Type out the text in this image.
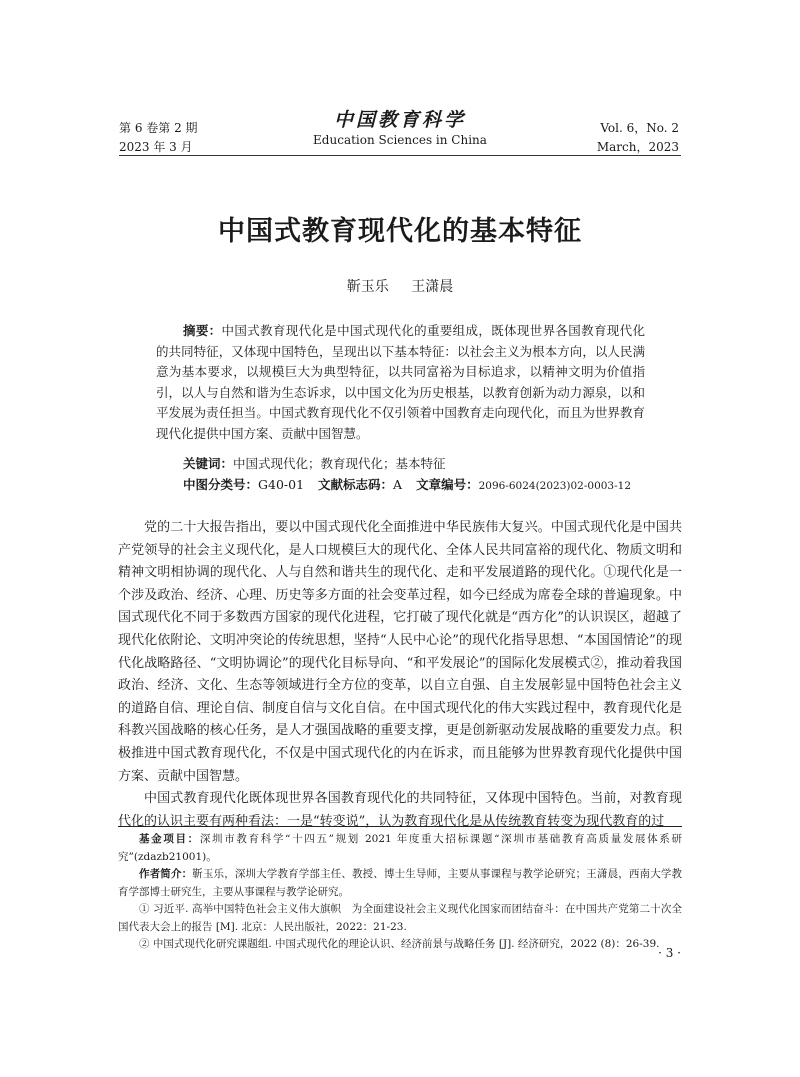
第 6 卷第 2 期
2023 年 3 月
中国教育科学
Education Sciences in China
Vol. 6，No. 2
March，2023
中国式教育现代化的基本特征
靳玉乐 王潇晨
摘要：中国式教育现代化是中国式现代化的重要组成，既体现世界各国教育现代化的共同特征，又体现中国特色，呈现出以下基本特征：以社会主义为根本方向，以人民满意为基本要求，以规模巨大为典型特征，以共同富裕为目标追求，以精神文明为价值指引，以人与自然和谐为生态诉求，以中国文化为历史根基，以教育创新为动力源泉，以和平发展为责任担当。中国式教育现代化不仅引领着中国教育走向现代化，而且为世界教育现代化提供中国方案、贡献中国智慧。
关键词：中国式现代化；教育现代化；基本特征
中图分类号：G40-01 文献标志码：A 文章编号：2096-6024(2023)02-0003-12

党的二十大报告指出，要以中国式现代化全面推进中华民族伟大复兴。中国式现代化是中国共产党领导的社会主义现代化，是人口规模巨大的现代化、全体人民共同富裕的现代化、物质文明和精神文明相协调的现代化、人与自然和谐共生的现代化、走和平发展道路的现代化。①现代化是一个涉及政治、经济、心理、历史等多方面的社会变革过程，如今已经成为席卷全球的普遍现象。中国式现代化不同于多数西方国家的现代化进程，它打破了现代化就是“西方化”的认识误区，超越了现代化依附论、文明冲突论的传统思想，坚持“人民中心论”的现代化指导思想、“本国国情论”的现代化战略路径、“文明协调论”的现代化目标导向、“和平发展论”的国际化发展模式②，推动着我国政治、经济、文化、生态等领域进行全方位的变革，以自立自强、自主发展彰显中国特色社会主义的道路自信、理论自信、制度自信与文化自信。在中国式现代化的伟大实践过程中，教育现代化是科教兴国战略的核心任务，是人才强国战略的重要支撑，更是创新驱动发展战略的重要发力点。积极推进中国式教育现代化，不仅是中国式现代化的内在诉求，而且能够为世界教育现代化提供中国方案、贡献中国智慧。

中国式教育现代化既体现世界各国教育现代化的共同特征，又体现中国特色。当前，对教育现代化的认识主要有两种看法：一是“转变说”，认为教育现代化是从传统教育转变为现代教育的过

基金项目：深圳市教育科学“十四五”规划 2021 年度重大招标课题“深圳市基础教育高质量发展体系研究”(zdazb21001)。

作者简介：靳玉乐，深圳大学教育学部主任、教授、博士生导师，主要从事课程与教学论研究；王潇晨，西南大学教育学部博士研究生，主要从事课程与教学论研究。

① 习近平. 高举中国特色社会主义伟大旗帜　为全面建设社会主义现代化国家而团结奋斗：在中国共产党第二十次全国代表大会上的报告 [M]. 北京：人民出版社，2022：21-23.

② 中国式现代化研究课题组. 中国式现代化的理论认识、经济前景与战略任务 [J]. 经济研究，2022 (8)：26-39.

· 3 ·
